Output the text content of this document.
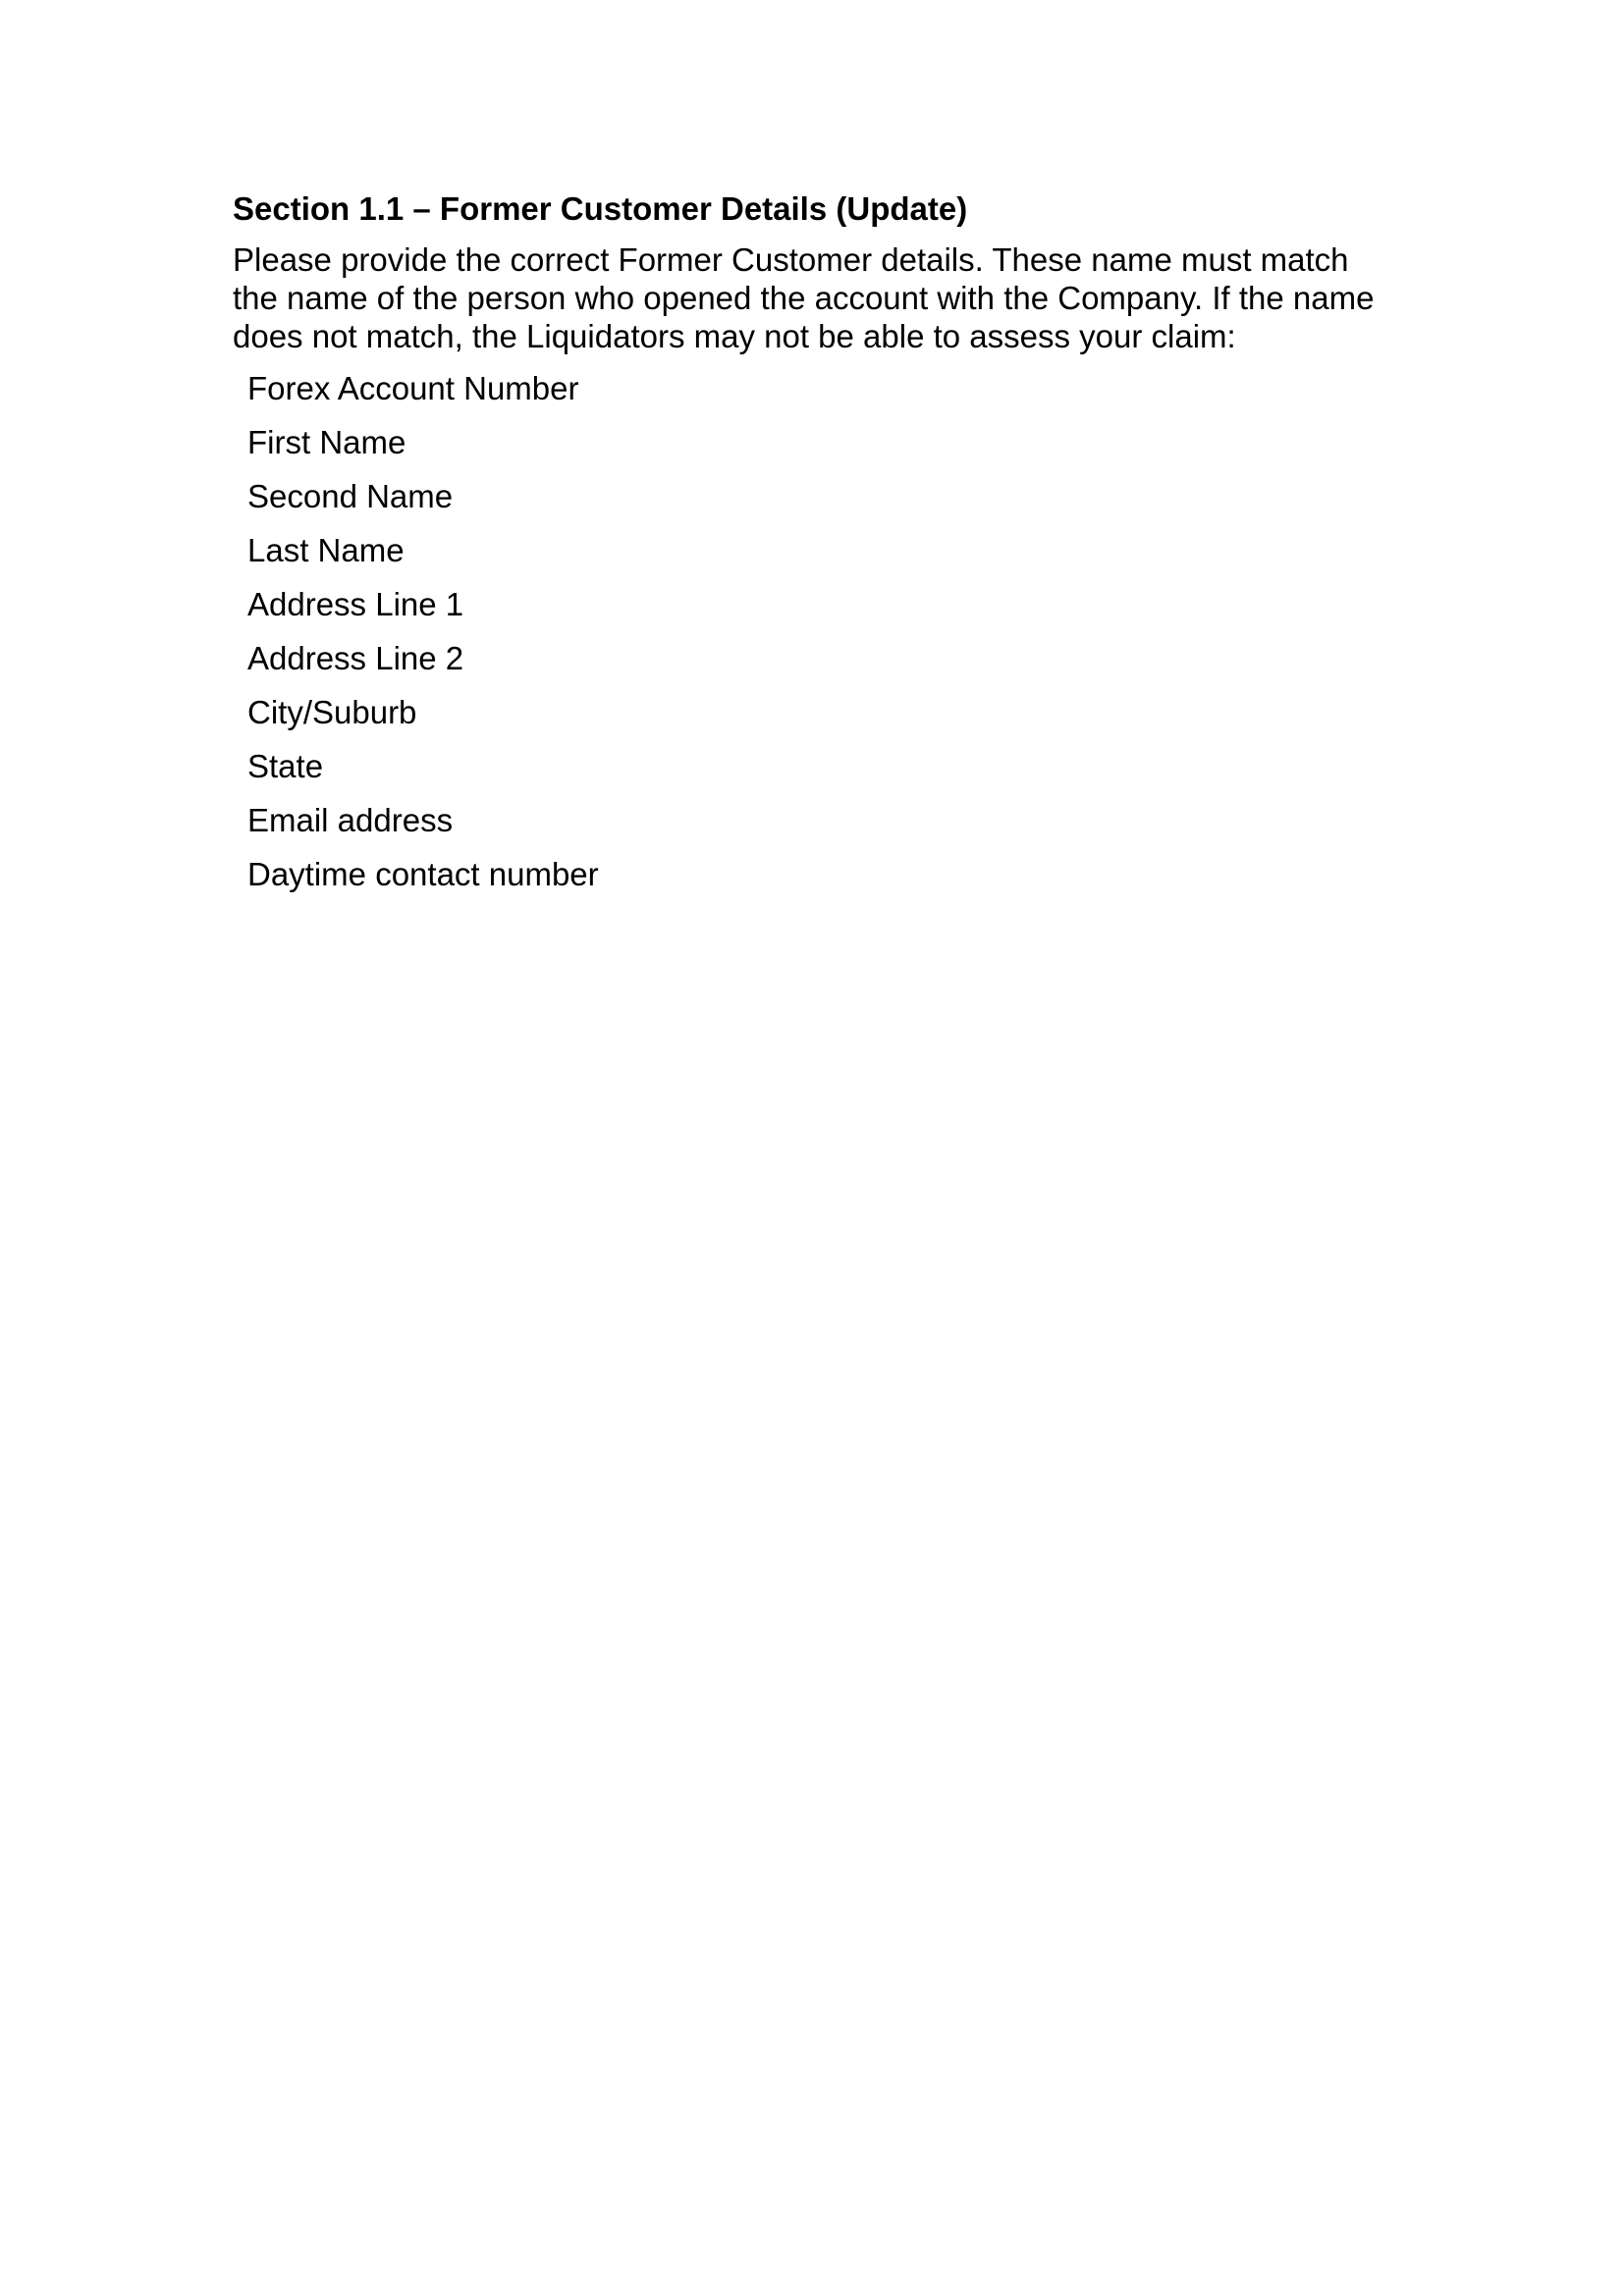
Section 1.1 – Former Customer Details (Update)

Please provide the correct Former Customer details. These name must match
the name of the person who opened the account with the Company. If the name
does not match, the Liquidators may not be able to assess your claim:

Forex Account Number
First Name
Second Name
Last Name
Address Line 1
Address Line 2
City/Suburb
State
Email address
Daytime contact number
